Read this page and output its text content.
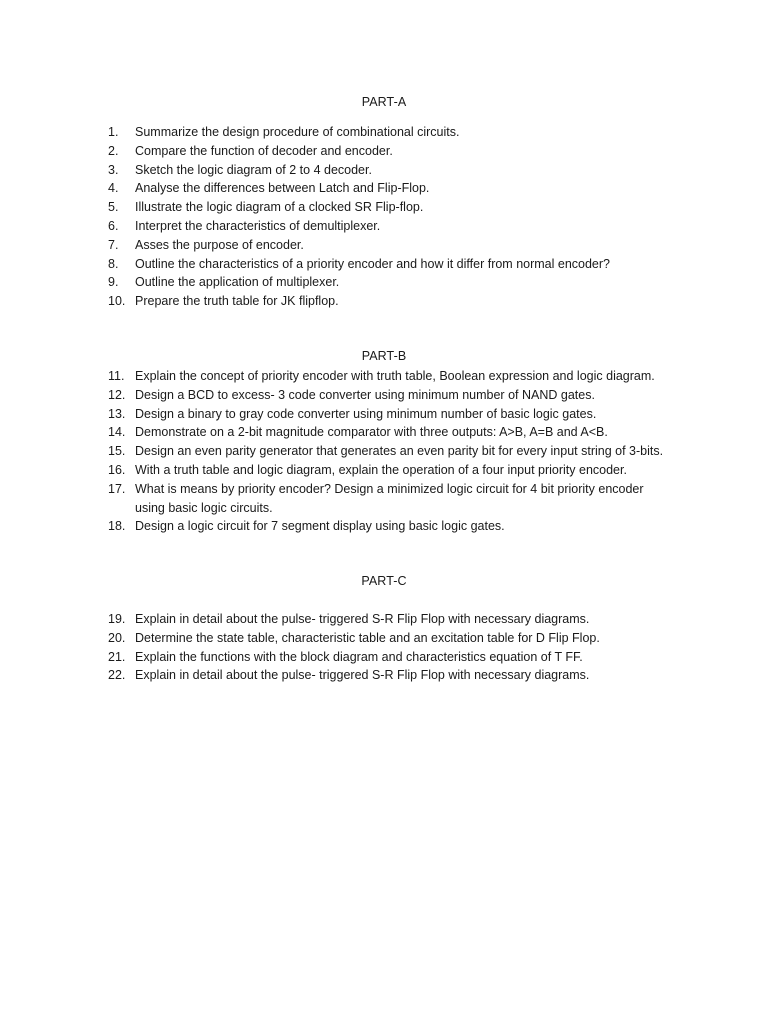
PART-A
1.	Summarize the design procedure of combinational circuits.
2.	Compare the function of decoder and encoder.
3.	Sketch the logic diagram of 2 to 4 decoder.
4.	Analyse the differences between Latch and Flip-Flop.
5.	Illustrate the logic diagram of a clocked SR Flip-flop.
6.	Interpret the characteristics of demultiplexer.
7.	Asses the purpose of encoder.
8.	Outline the characteristics of a priority encoder and how it differ from normal encoder?
9.	Outline the application of multiplexer.
10. Prepare the truth table for JK flipflop.
PART-B
11. Explain the concept of priority encoder with truth table, Boolean expression and logic diagram.
12. Design a BCD to excess- 3 code converter using minimum number of NAND gates.
13. Design a binary to gray code converter using minimum number of basic logic gates.
14. Demonstrate on a 2-bit magnitude comparator with three outputs: A>B, A=B and A<B.
15. Design an even parity generator that generates an even parity bit for every input string of 3-bits.
16. With a truth table and logic diagram, explain the operation of a four input priority encoder.
17. What is means by priority encoder? Design a minimized logic circuit for 4 bit priority encoder
using basic logic circuits.
18. Design a logic circuit for 7 segment display using basic logic gates.
PART-C
19. Explain in detail about the pulse- triggered S-R Flip Flop with necessary diagrams.
20. Determine the state table, characteristic table and an excitation table for D Flip Flop.
21. Explain the functions with the block diagram and characteristics equation of T FF.
22. Explain in detail about the pulse- triggered S-R Flip Flop with necessary diagrams.
